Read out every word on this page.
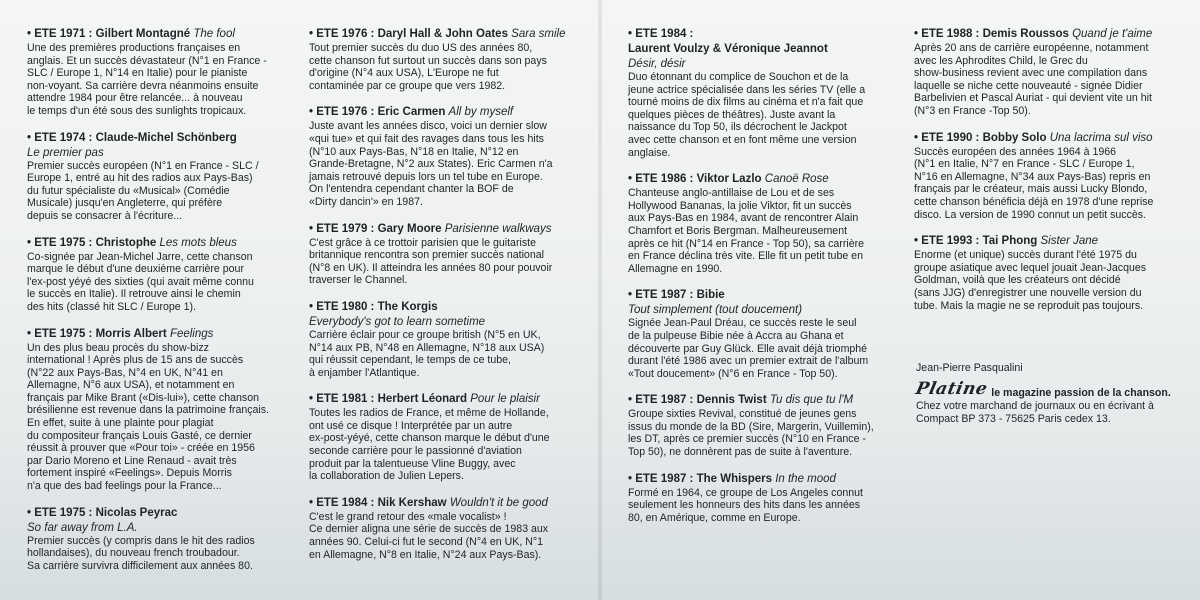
• ETE 1971 : Gilbert Montagné The fool

Une des premières productions françaises en
anglais. Et un succès dévastateur (N°1 en France -
SLC / Europe 1, N°14 en Italie) pour le pianiste
non-voyant. Sa carrière devra néanmoins ensuite
attendre 1984 pour être relancée... à nouveau
le temps d'un été sous des sunlights tropicaux.

• ETE 1974 : Claude-Michel Schönberg

Le premier pas

Premier succès européen (N°1 en France - SLC /
Europe 1, entré au hit des radios aux Pays-Bas)
du futur spécialiste du «Musical» (Comédie
Musicale) jusqu'en Angleterre, qui préfère
depuis se consacrer à l'écriture...

• ETE 1975 : Christophe Les mots bleus

Co-signée par Jean-Michel Jarre, cette chanson
marque le début d'une deuxième carrière pour
l'ex-post yéyé des sixties (qui avait même connu
le succès en Italie). Il retrouve ainsi le chemin
des hits (classé hit SLC / Europe 1).

• ETE 1975 : Morris Albert Feelings

Un des plus beau procès du show-bizz
international ! Après plus de 15 ans de succès
(N°22 aux Pays-Bas, N°4 en UK, N°41 en
Allemagne, N°6 aux USA), et notamment en
français par Mike Brant («Dis-lui»), cette chanson
brésilienne est revenue dans la patrimoine français.
En effet, suite à une plainte pour plagiat
du compositeur français Louis Gasté, ce dernier
réussit à prouver que «Pour toi» - créée en 1956
par Dario Moreno et Line Renaud - avait très
fortement inspiré «Feelings». Depuis Morris
n'a que des bad feelings pour la France...

• ETE 1975 : Nicolas Peyrac

So far away from L.A.

Premier succès (y compris dans le hit des radios
hollandaises), du nouveau french troubadour.
Sa carrière survivra difficilement aux années 80.

• ETE 1976 : Daryl Hall & John Oates Sara smile

Tout premier succès du duo US des années 80,
cette chanson fut surtout un succès dans son pays
d'origine (N°4 aux USA), L'Europe ne fut
contaminée par ce groupe que vers 1982.

• ETE 1976 : Eric Carmen All by myself

Juste avant les années disco, voici un dernier slow
«qui tue» et qui fait des ravages dans tous les hits
(N°10 aux Pays-Bas, N°18 en Italie, N°12 en
Grande-Bretagne, N°2 aux States). Eric Carmen n'a
jamais retrouvé depuis lors un tel tube en Europe.
On l'entendra cependant chanter la BOF de
«Dirty dancin'» en 1987.

• ETE 1979 : Gary Moore Parisienne walkways

C'est grâce à ce trottoir parisien que le guitariste
britannique rencontra son premier succès national
(N°8 en UK). Il atteindra les années 80 pour pouvoir
traverser le Channel.

• ETE 1980 : The Korgis

Everybody's got to learn sometime

Carrière éclair pour ce groupe british (N°5 en UK,
N°14 aux PB, N°48 en Allemagne, N°18 aux USA)
qui réussit cependant, le temps de ce tube,
à enjamber l'Atlantique.

• ETE 1981 : Herbert Léonard Pour le plaisir

Toutes les radios de France, et même de Hollande,
ont usé ce disque ! Interprétée par un autre
ex-post-yéyé, cette chanson marque le début d'une
seconde carrière pour le passionné d'aviation
produit par la talentueuse Vline Buggy, avec
la collaboration de Julien Lepers.

• ETE 1984 : Nik Kershaw Wouldn't it be good

C'est le grand retour des «male vocalist» !
Ce dernier aligna une série de succès de 1983 aux
années 90. Celui-ci fut le second (N°4 en UK, N°1
en Allemagne, N°8 en Italie, N°24 aux Pays-Bas).

• ETE 1984 :

Laurent Voulzy & Véronique Jeannot

Désir, désir

Duo étonnant du complice de Souchon et de la
jeune actrice spécialisée dans les séries TV (elle a
tourné moins de dix films au cinéma et n'a fait que
quelques pièces de théâtres). Juste avant la
naissance du Top 50, ils décrochent le Jackpot
avec cette chanson et en font même une version
anglaise.

• ETE 1986 : Viktor Lazlo Canoë Rose

Chanteuse anglo-antillaise de Lou et de ses
Hollywood Bananas, la jolie Viktor, fit un succès
aux Pays-Bas en 1984, avant de rencontrer Alain
Chamfort et Boris Bergman. Malheureusement
après ce hit (N°14 en France - Top 50), sa carrière
en France déclina très vite. Elle fit un petit tube en
Allemagne en 1990.

• ETE 1987 : Bibie

Tout simplement (tout doucement)

Signée Jean-Paul Dréau, ce succès reste le seul
de la pulpeuse Bibie née à Accra au Ghana et
découverte par Guy Glück. Elle avait déjà triomphé
durant l'été 1986 avec un premier extrait de l'album
«Tout doucement» (N°6 en France - Top 50).

• ETE 1987 : Dennis Twist Tu dis que tu l'M

Groupe sixties Revival, constitué de jeunes gens
issus du monde de la BD (Sire, Margerin, Vuillemin),
les DT, après ce premier succès (N°10 en France -
Top 50), ne donnèrent pas de suite à l'aventure.

• ETE 1987 : The Whispers In the mood

Formé en 1964, ce groupe de Los Angeles connut
seulement les honneurs des hits dans les années
80, en Amérique, comme en Europe.

• ETE 1988 : Demis Roussos Quand je t'aime

Après 20 ans de carrière européenne, notamment
avec les Aphrodites Child, le Grec du
show-business revient avec une compilation dans
laquelle se niche cette nouveauté - signée Didier
Barbelivien et Pascal Auriat - qui devient vite un hit
(N°3 en France -Top 50).

• ETE 1990 : Bobby Solo Una lacrima sul viso

Succès européen des années 1964 à 1966
(N°1 en Italie, N°7 en France - SLC / Europe 1,
N°16 en Allemagne, N°34 aux Pays-Bas) repris en
français par le créateur, mais aussi Lucky Blondo,
cette chanson bénéficia déjà en 1978 d'une reprise
disco. La version de 1990 connut un petit succès.

• ETE 1993 : Tai Phong Sister Jane

Enorme (et unique) succès durant l'été 1975 du
groupe asiatique avec lequel jouait Jean-Jacques
Goldman, voilà que les créateurs ont décidé
(sans JJG) d'enregistrer une nouvelle version du
tube. Mais la magie ne se reproduit pas toujours.

Jean-Pierre Pasqualini
Platine le magazine passion de la chanson.
Chez votre marchand de journaux ou en écrivant à
Compact BP 373 - 75625 Paris cedex 13.
